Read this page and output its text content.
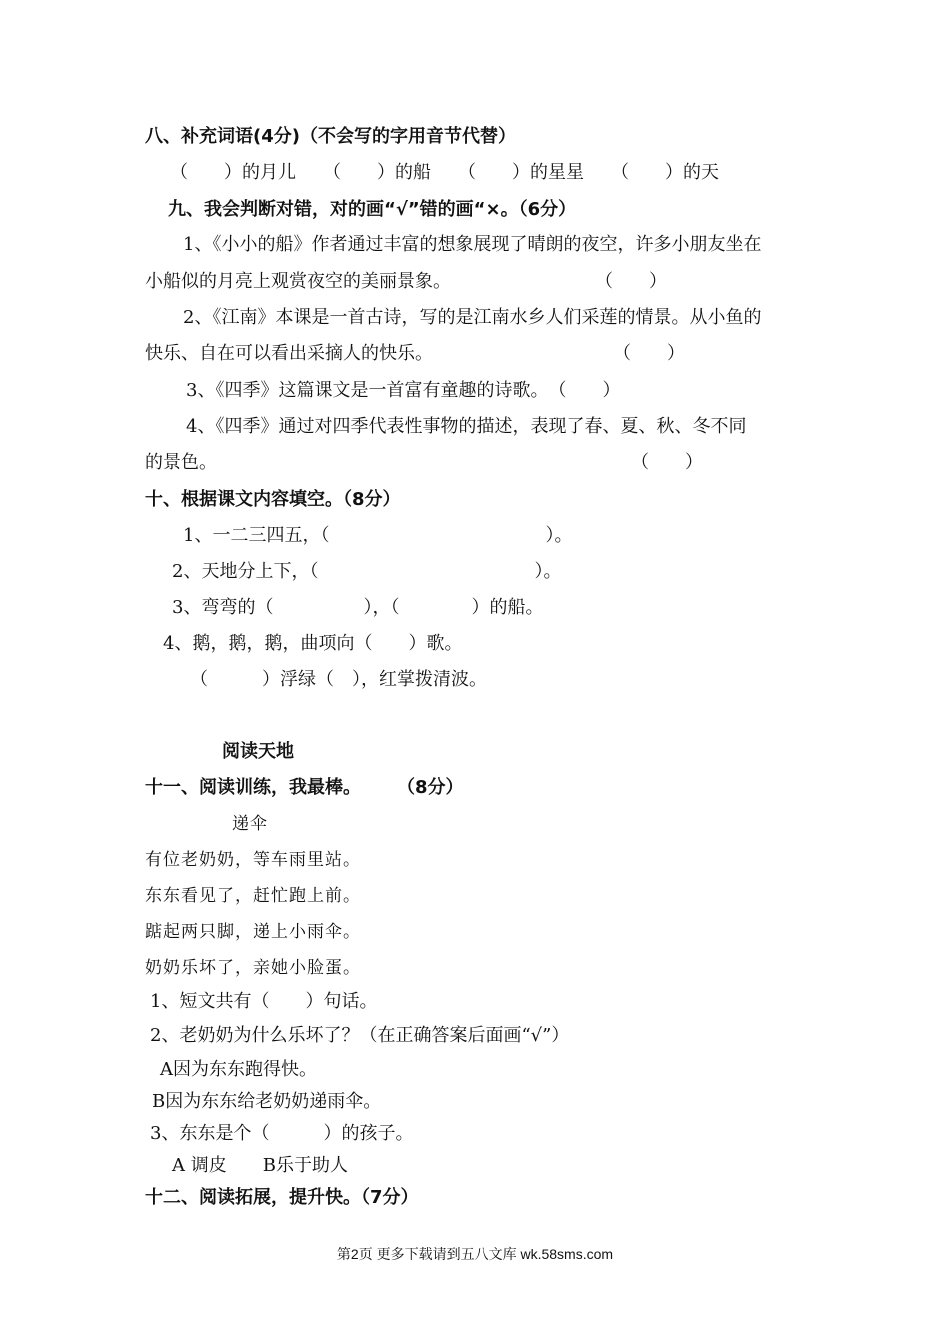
八、补充词语(4分)（不会写的字用音节代替）
（　　）的月儿　　（　　）的船　　（　　）的星星　　（　　）的天
九、我会判断对错，对的画“√”错的画“×。（6分）
1、《小小的船》作者通过丰富的想象展现了晴朗的夜空，许多小朋友坐在
小船似的月亮上观赏夜空的美丽景象。　　　　　　　　　（　　）
2、《江南》本课是一首古诗，写的是江南水乡人们采莲的情景。从小鱼的
快乐、自在可以看出采摘人的快乐。　　　　　　　　　　　（　　）
3、《四季》这篇课文是一首富有童趣的诗歌。　（　　）
4、《四季》通过对四季代表性事物的描述，表现了春、夏、秋、冬不同
的景色。　　　　　　　　　　　　　　　　　　　　　　　　（　　）
十、根据课文内容填空。（8分）
1、一二三四五，（　　　　　　　　　　　　）。
2、天地分上下，（　　　　　　　　　　　　）。
3、弯弯的（　　　　　），（　　　　）的船。
4、鹅，鹅，鹅，曲项向（　　）歌。
（　　　）浮绿（　），红掌拨清波。
阅读天地
十一、阅读训练，我最棒。　　　（8分）
递伞
有位老奶奶，等车雨里站。
东东看见了，赶忙跑上前。
踮起两只脚，递上小雨伞。
奶奶乐坏了，亲她小脸蛋。
1、短文共有（　　）句话。
2、老奶奶为什么乐坏了？（在正确答案后面画“√”）
A因为东东跑得快。
B因为东东给老奶奶递雨伞。
3、东东是个（　　　）的孩子。
A 调皮　　B乐于助人
十二、阅读拓展，提升快。（7分）
第2页 更多下载请到五八文库 wk.58sms.com
